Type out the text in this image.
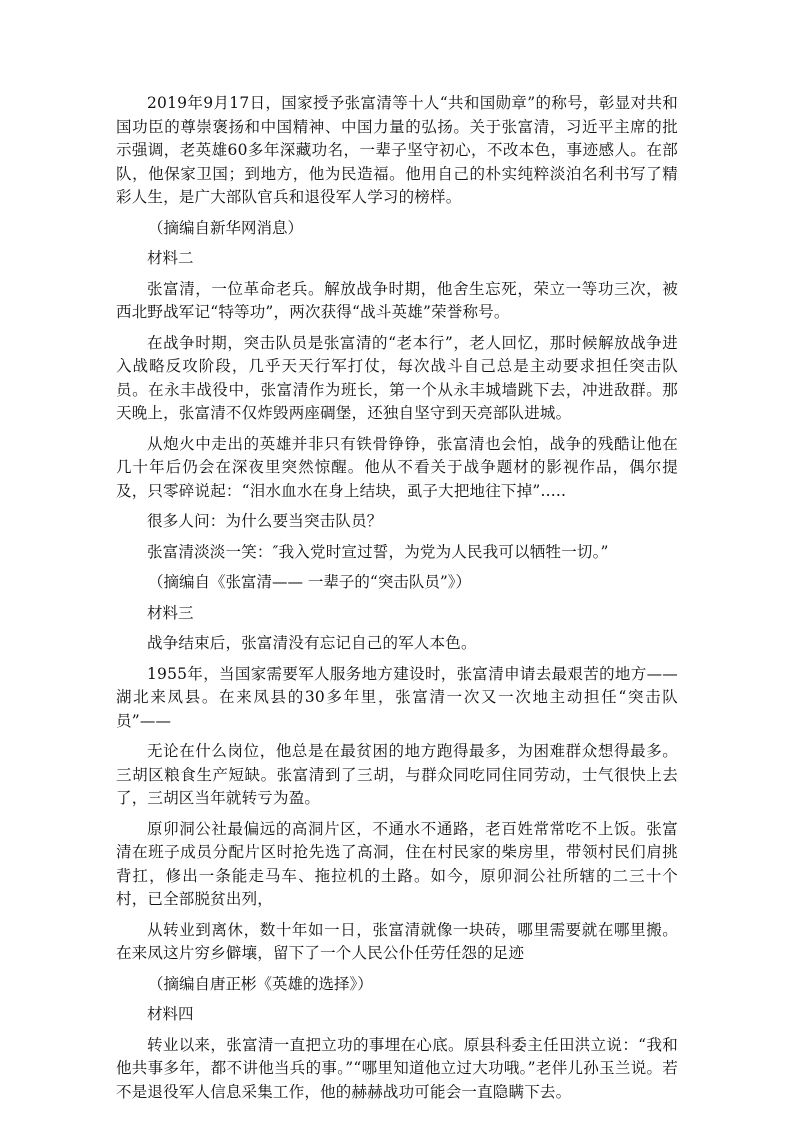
2019年9月17日，国家授予张富清等十人“共和国勋章”的称号，彰显对共和国功臣的尊崇褒扬和中国精神、中国力量的弘扬。关于张富清，习近平主席的批示强调，老英雄60多年深藏功名，一辈子坚守初心，不改本色，事迹感人。在部队，他保家卫国；到地方，他为民造福。他用自己的朴实纯粹淡泊名利书写了精彩人生，是广大部队官兵和退役军人学习的榜样。

（摘编自新华网消息）

材料二

张富清，一位革命老兵。解放战争时期，他舍生忘死，荣立一等功三次，被西北野战军记“特等功”，两次获得“战斗英雄”荣誉称号。

在战争时期，突击队员是张富清的“老本行”，老人回忆，那时候解放战争进入战略反攻阶段，几乎天天行军打仗，每次战斗自己总是主动要求担任突击队员。在永丰战役中，张富清作为班长，第一个从永丰城墙跳下去，冲进敌群。那天晚上，张富清不仅炸毁两座碉堡，还独自坚守到天亮部队进城。

从炮火中走出的英雄并非只有铁骨铮铮，张富清也会怕，战争的残酷让他在几十年后仍会在深夜里突然惊醒。他从不看关于战争题材的影视作品，偶尔提及，只零碎说起：“泪水血水在身上结块，虱子大把地往下掉”.....

很多人问：为什么要当突击队员？

张富清淡淡一笑：″我入党时宣过誓，为党为人民我可以牺牲一切。”

（摘编自《张富清—— 一辈子的“突击队员”》）

材料三

战争结束后，张富清没有忘记自己的军人本色。

1955年，当国家需要军人服务地方建设时，张富清申请去最艰苦的地方——湖北来凤县。在来凤县的30多年里，张富清一次又一次地主动担任“突击队员”——

无论在什么岗位，他总是在最贫困的地方跑得最多，为困难群众想得最多。三胡区粮食生产短缺。张富清到了三胡，与群众同吃同住同劳动，士气很快上去了，三胡区当年就转亏为盈。

原卯洞公社最偏远的高洞片区，不通水不通路，老百姓常常吃不上饭。张富清在班子成员分配片区时抢先选了高洞，住在村民家的柴房里，带领村民们肩挑背扛，修出一条能走马车、拖拉机的土路。如今，原卯洞公社所辖的二三十个村，已全部脱贫出列，

从转业到离休，数十年如一日，张富清就像一块砖，哪里需要就在哪里搬。在来凤这片穷乡僻壤，留下了一个人民公仆任劳任怨的足迹

（摘编自唐正彬《英雄的选择》）

材料四

转业以来，张富清一直把立功的事埋在心底。原县科委主任田洪立说：“我和他共事多年，都不讲他当兵的事。”“哪里知道他立过大功哦。”老伴儿孙玉兰说。若不是退役军人信息采集工作，他的赫赫战功可能会一直隐瞒下去。
